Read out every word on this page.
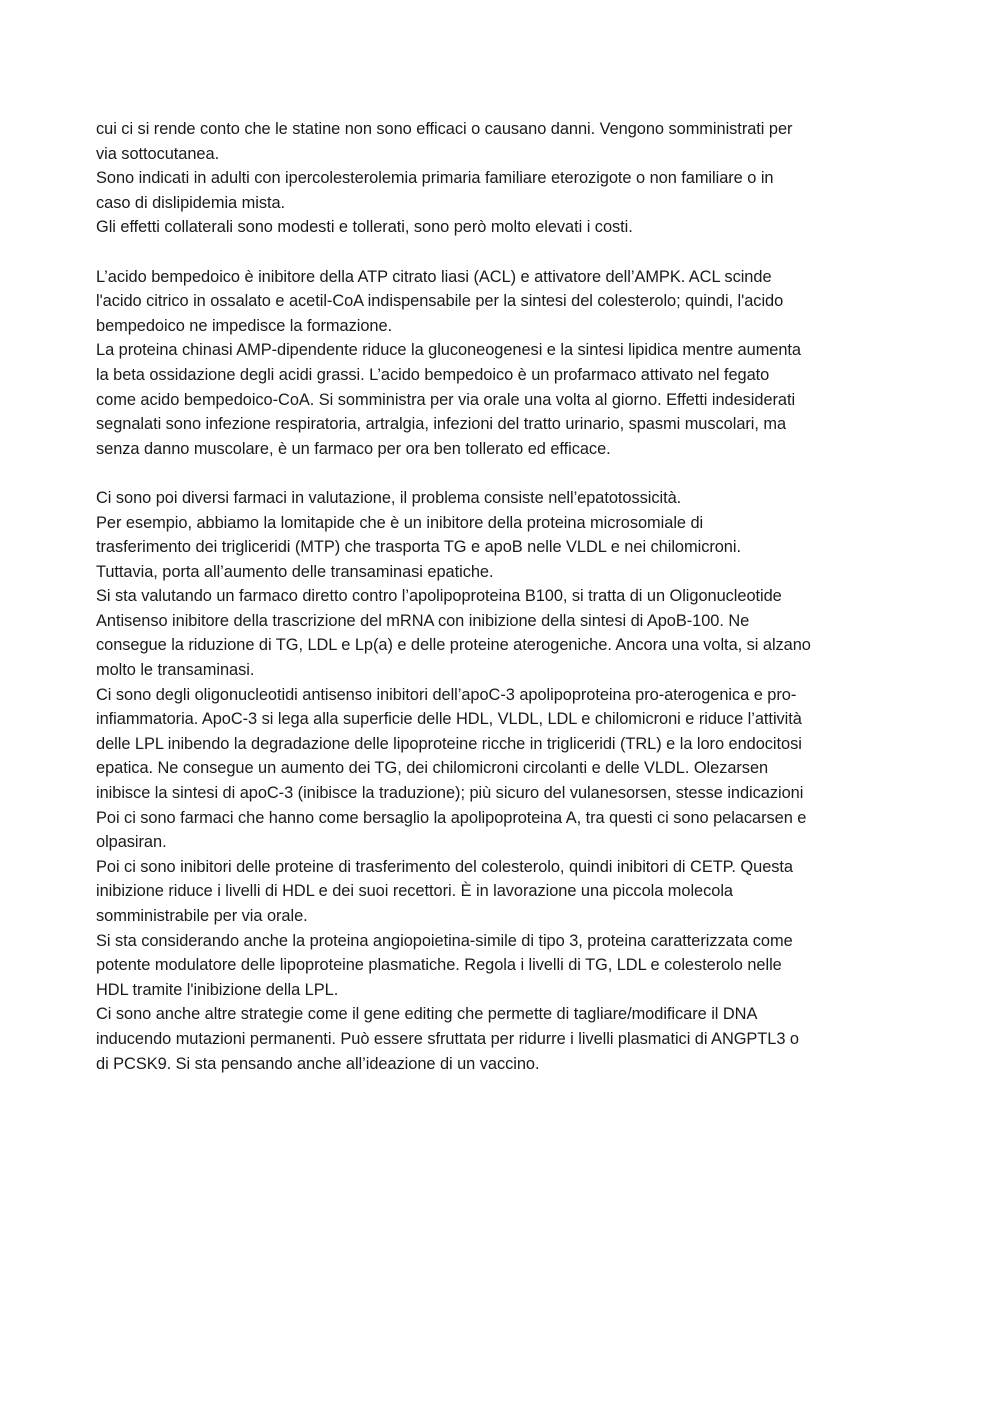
cui ci si rende conto che le statine non sono efficaci o causano danni. Vengono somministrati per
via sottocutanea.
Sono indicati in adulti con ipercolesterolemia primaria familiare eterozigote o non familiare o in
caso di dislipidemia mista.
Gli effetti collaterali sono modesti e tollerati, sono però molto elevati i costi.
L’acido bempedoico è inibitore della ATP citrato liasi (ACL) e attivatore dell’AMPK. ACL scinde
l'acido citrico in ossalato e acetil-CoA indispensabile per la sintesi del colesterolo; quindi, l'acido
bempedoico ne impedisce la formazione.
La proteina chinasi AMP-dipendente riduce la gluconeogenesi e la sintesi lipidica mentre aumenta
la beta ossidazione degli acidi grassi. L’acido bempedoico è un profarmaco attivato nel fegato
come acido bempedoico-CoA. Si somministra per via orale una volta al giorno. Effetti indesiderati
segnalati sono infezione respiratoria, artralgia, infezioni del tratto urinario, spasmi muscolari, ma
senza danno muscolare, è un farmaco per ora ben tollerato ed efficace.
Ci sono poi diversi farmaci in valutazione, il problema consiste nell’epatotossicità.
Per esempio, abbiamo la lomitapide che è un inibitore della proteina microsomiale di
trasferimento dei trigliceridi (MTP) che trasporta TG e apoB nelle VLDL e nei chilomicroni.
Tuttavia, porta all’aumento delle transaminasi epatiche.
Si sta valutando un farmaco diretto contro l’apolipoproteina B100, si tratta di un Oligonucleotide
Antisenso inibitore della trascrizione del mRNA con inibizione della sintesi di ApoB-100. Ne
consegue la riduzione di TG, LDL e Lp(a) e delle proteine aterogeniche. Ancora una volta, si alzano
molto le transaminasi.
Ci sono degli oligonucleotidi antisenso inibitori dell’apoC-3 apolipoproteina pro-aterogenica e pro-
infiammatoria. ApoC-3 si lega alla superficie delle HDL, VLDL, LDL e chilomicroni e riduce l’attività
delle LPL inibendo la degradazione delle lipoproteine ricche in trigliceridi (TRL) e la loro endocitosi
epatica. Ne consegue un aumento dei TG, dei chilomicroni circolanti e delle VLDL. Olezarsen
inibisce la sintesi di apoC-3 (inibisce la traduzione); più sicuro del vulanesorsen, stesse indicazioni
Poi ci sono farmaci che hanno come bersaglio la apolipoproteina A, tra questi ci sono pelacarsen e
olpasiran.
Poi ci sono inibitori delle proteine di trasferimento del colesterolo, quindi inibitori di CETP. Questa
inibizione riduce i livelli di HDL e dei suoi recettori. È in lavorazione una piccola molecola
somministrabile per via orale.
Si sta considerando anche la proteina angiopoietina-simile di tipo 3, proteina caratterizzata come
potente modulatore delle lipoproteine plasmatiche. Regola i livelli di TG, LDL e colesterolo nelle
HDL tramite l'inibizione della LPL.
Ci sono anche altre strategie come il gene editing che permette di tagliare/modificare il DNA
inducendo mutazioni permanenti. Può essere sfruttata per ridurre i livelli plasmatici di ANGPTL3 o
di PCSK9. Si sta pensando anche all’ideazione di un vaccino.
